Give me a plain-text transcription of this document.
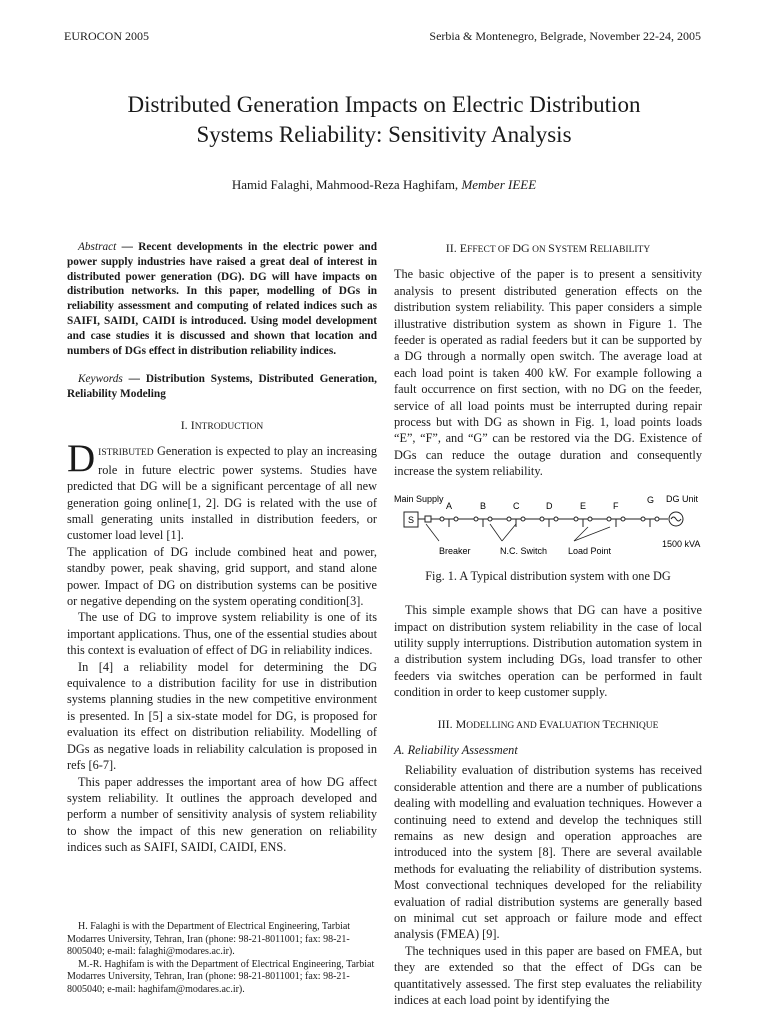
EUROCON 2005	Serbia & Montenegro, Belgrade, November 22-24, 2005
Distributed Generation Impacts on Electric Distribution
Systems Reliability: Sensitivity Analysis
Hamid Falaghi, Mahmood-Reza Haghifam, Member IEEE

Abstract — Recent developments in the electric power and power supply industries have raised a great deal of interest in distributed power generation (DG). DG will have impacts on distribution networks. In this paper, modelling of DGs in reliability assessment and computing of related indices such as SAIFI, SAIDI, CAIDI is introduced. Using model development and case studies it is discussed and shown that location and numbers of DGs effect in distribution reliability indices.

Keywords — Distribution Systems, Distributed Generation, Reliability Modeling

I. INTRODUCTION

DISTRIBUTED Generation is expected to play an increasing role in future electric power systems. Studies have predicted that DG will be a significant percentage of all new generation going online[1, 2]. DG is related with the use of small generating units installed in distribution feeders, or customer load level [1].

The application of DG include combined heat and power, standby power, peak shaving, grid support, and stand alone power. Impact of DG on distribution systems can be positive or negative depending on the system operating condition[3].

The use of DG to improve system reliability is one of its important applications. Thus, one of the essential studies about this context is evaluation of effect of DG in reliability indices.

In [4] a reliability model for determining the DG equivalence to a distribution facility for use in distribution systems planning studies in the new competitive environment is presented. In [5] a six-state model for DG, is proposed for evaluation its effect on distribution reliability. Modelling of DGs as negative loads in reliability calculation is proposed in refs [6-7].

This paper addresses the important area of how DG affect system reliability. It outlines the approach developed and perform a number of sensitivity analysis of system reliability to show the impact of this new generation on reliability indices such as SAIFI, SAIDI, CAIDI, ENS.

H. Falaghi is with the Department of Electrical Engineering, Tarbiat Modarres University, Tehran, Iran (phone: 98-21-8011001; fax: 98-21-8005040; e-mail: falaghi@modares.ac.ir).

M.-R. Haghifam is with the Department of Electrical Engineering, Tarbiat Modarres University, Tehran, Iran (phone: 98-21-8011001; fax: 98-21-8005040; e-mail: haghifam@modares.ac.ir).

II. EFFECT OF DG ON SYSTEM RELIABILITY

The basic objective of the paper is to present a sensitivity analysis to present distributed generation effects on the distribution system reliability. This paper considers a simple illustrative distribution system as shown in Figure 1. The feeder is operated as radial feeders but it can be supported by a DG through a normally open switch. The average load at each load point is taken 400 kW. For example following a fault occurrence on first section, with no DG on the feeder, service of all load points must be interrupted during repair process but with DG as shown in Fig. 1, load points loads “E”, “F”, and “G” can be restored via the DG. Existence of DGs can reduce the outage duration and consequently increase the system reliability.

Main Supply	DG Unit
S
A	B	C	D	E	F
G
Breaker	N.C. Switch Load Point
1500 kVA

Fig. 1. A Typical distribution system with one DG

This simple example shows that DG can have a positive impact on distribution system reliability in the case of local utility supply interruptions. Distribution automation system in a distribution system including DGs, load transfer to other feeders via switches operation can be performed in fault condition in order to keep customer supply.

III. MODELLING AND EVALUATION TECHNIQUE
A. Reliability Assessment

Reliability evaluation of distribution systems has received considerable attention and there are a number of publications dealing with modelling and evaluation techniques. However a continuing need to extend and develop the techniques still remains as new design and operation approaches are introduced into the system [8]. There are several available methods for evaluating the reliability of distribution systems. Most convectional techniques developed for the reliability evaluation of radial distribution systems are generally based on minimal cut set approach or failure mode and effect analysis (FMEA) [9].

The techniques used in this paper are based on FMEA, but they are extended so that the effect of DGs can be quantitatively assessed. The first step evaluates the reliability indices at each load point by identifying the
